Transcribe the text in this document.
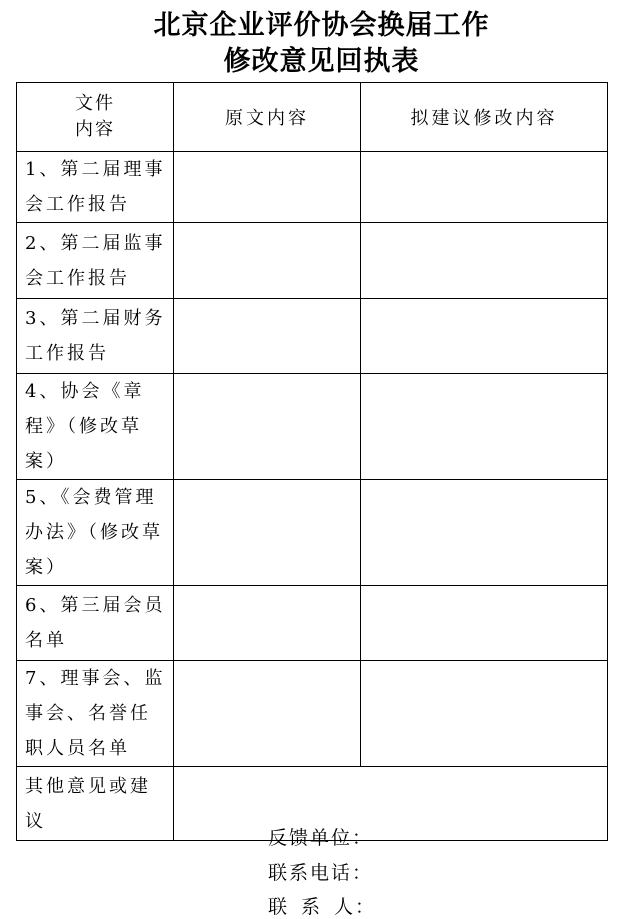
北京企业评价协会换届工作
修改意见回执表
文件
内容	原文内容	拟建议修改内容

1、第二届理事会工作报告		

2、第二届监事会工作报告		

3、第二届财务工作报告		

4、协会《章程》（修改草案）		

5、《会费管理办法》（修改草案）		

6、第三届会员名单		

7、理事会、监事会、名誉任职人员名单		

其他意见或建议		

反馈单位：
联系电话：
联系人：
